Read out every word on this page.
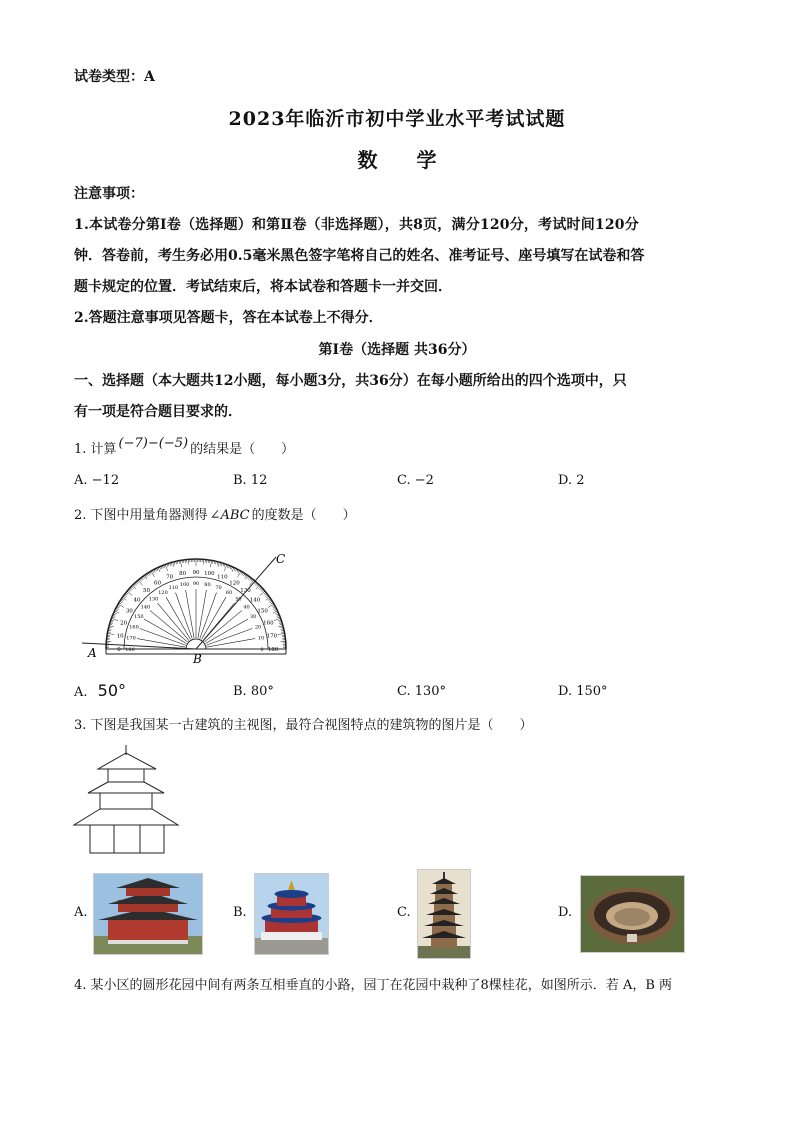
试卷类型：A
2023年临沂市初中学业水平考试试题
数 学
注意事项：
1.本试卷分第Ⅰ卷（选择题）和第Ⅱ卷（非选择题），共8页，满分120分，考试时间120分
钟．答卷前，考生务必用0.5毫米黑色签字笔将自己的姓名、准考证号、座号填写在试卷和答
题卡规定的位置．考试结束后，将本试卷和答题卡一并交回．
2.答题注意事项见答题卡，答在本试卷上不得分．
第Ⅰ卷（选择题 共36分）
一、选择题（本大题共12小题，每小题3分，共36分）在每小题所给出的四个选项中，只
有一项是符合题目要求的．
1. 计算 (−7)−(−5) 的结果是（　　）
A. −12	B. 12	C. −2	D. 2
2. 下图中用量角器测得 ∠ABC 的度数是（　　）
0
10
20
30
40
50
60
70
80 90 100
110
120
130
140
150
160
170
180
180
170
160
150
140
130
120
110 100 90 80 70
60
50
40
30
20
10
0
A	B
C
A. 50°	B. 80°	C. 130°	D. 150°
3. 下图是我国某一古建筑的主视图，最符合视图特点的建筑物的图片是（　　）
A.	B.	C.	D.
4. 某小区的圆形花园中间有两条互相垂直的小路，园丁在花园中栽种了8棵桂花，如图所示．若 A，B 两
